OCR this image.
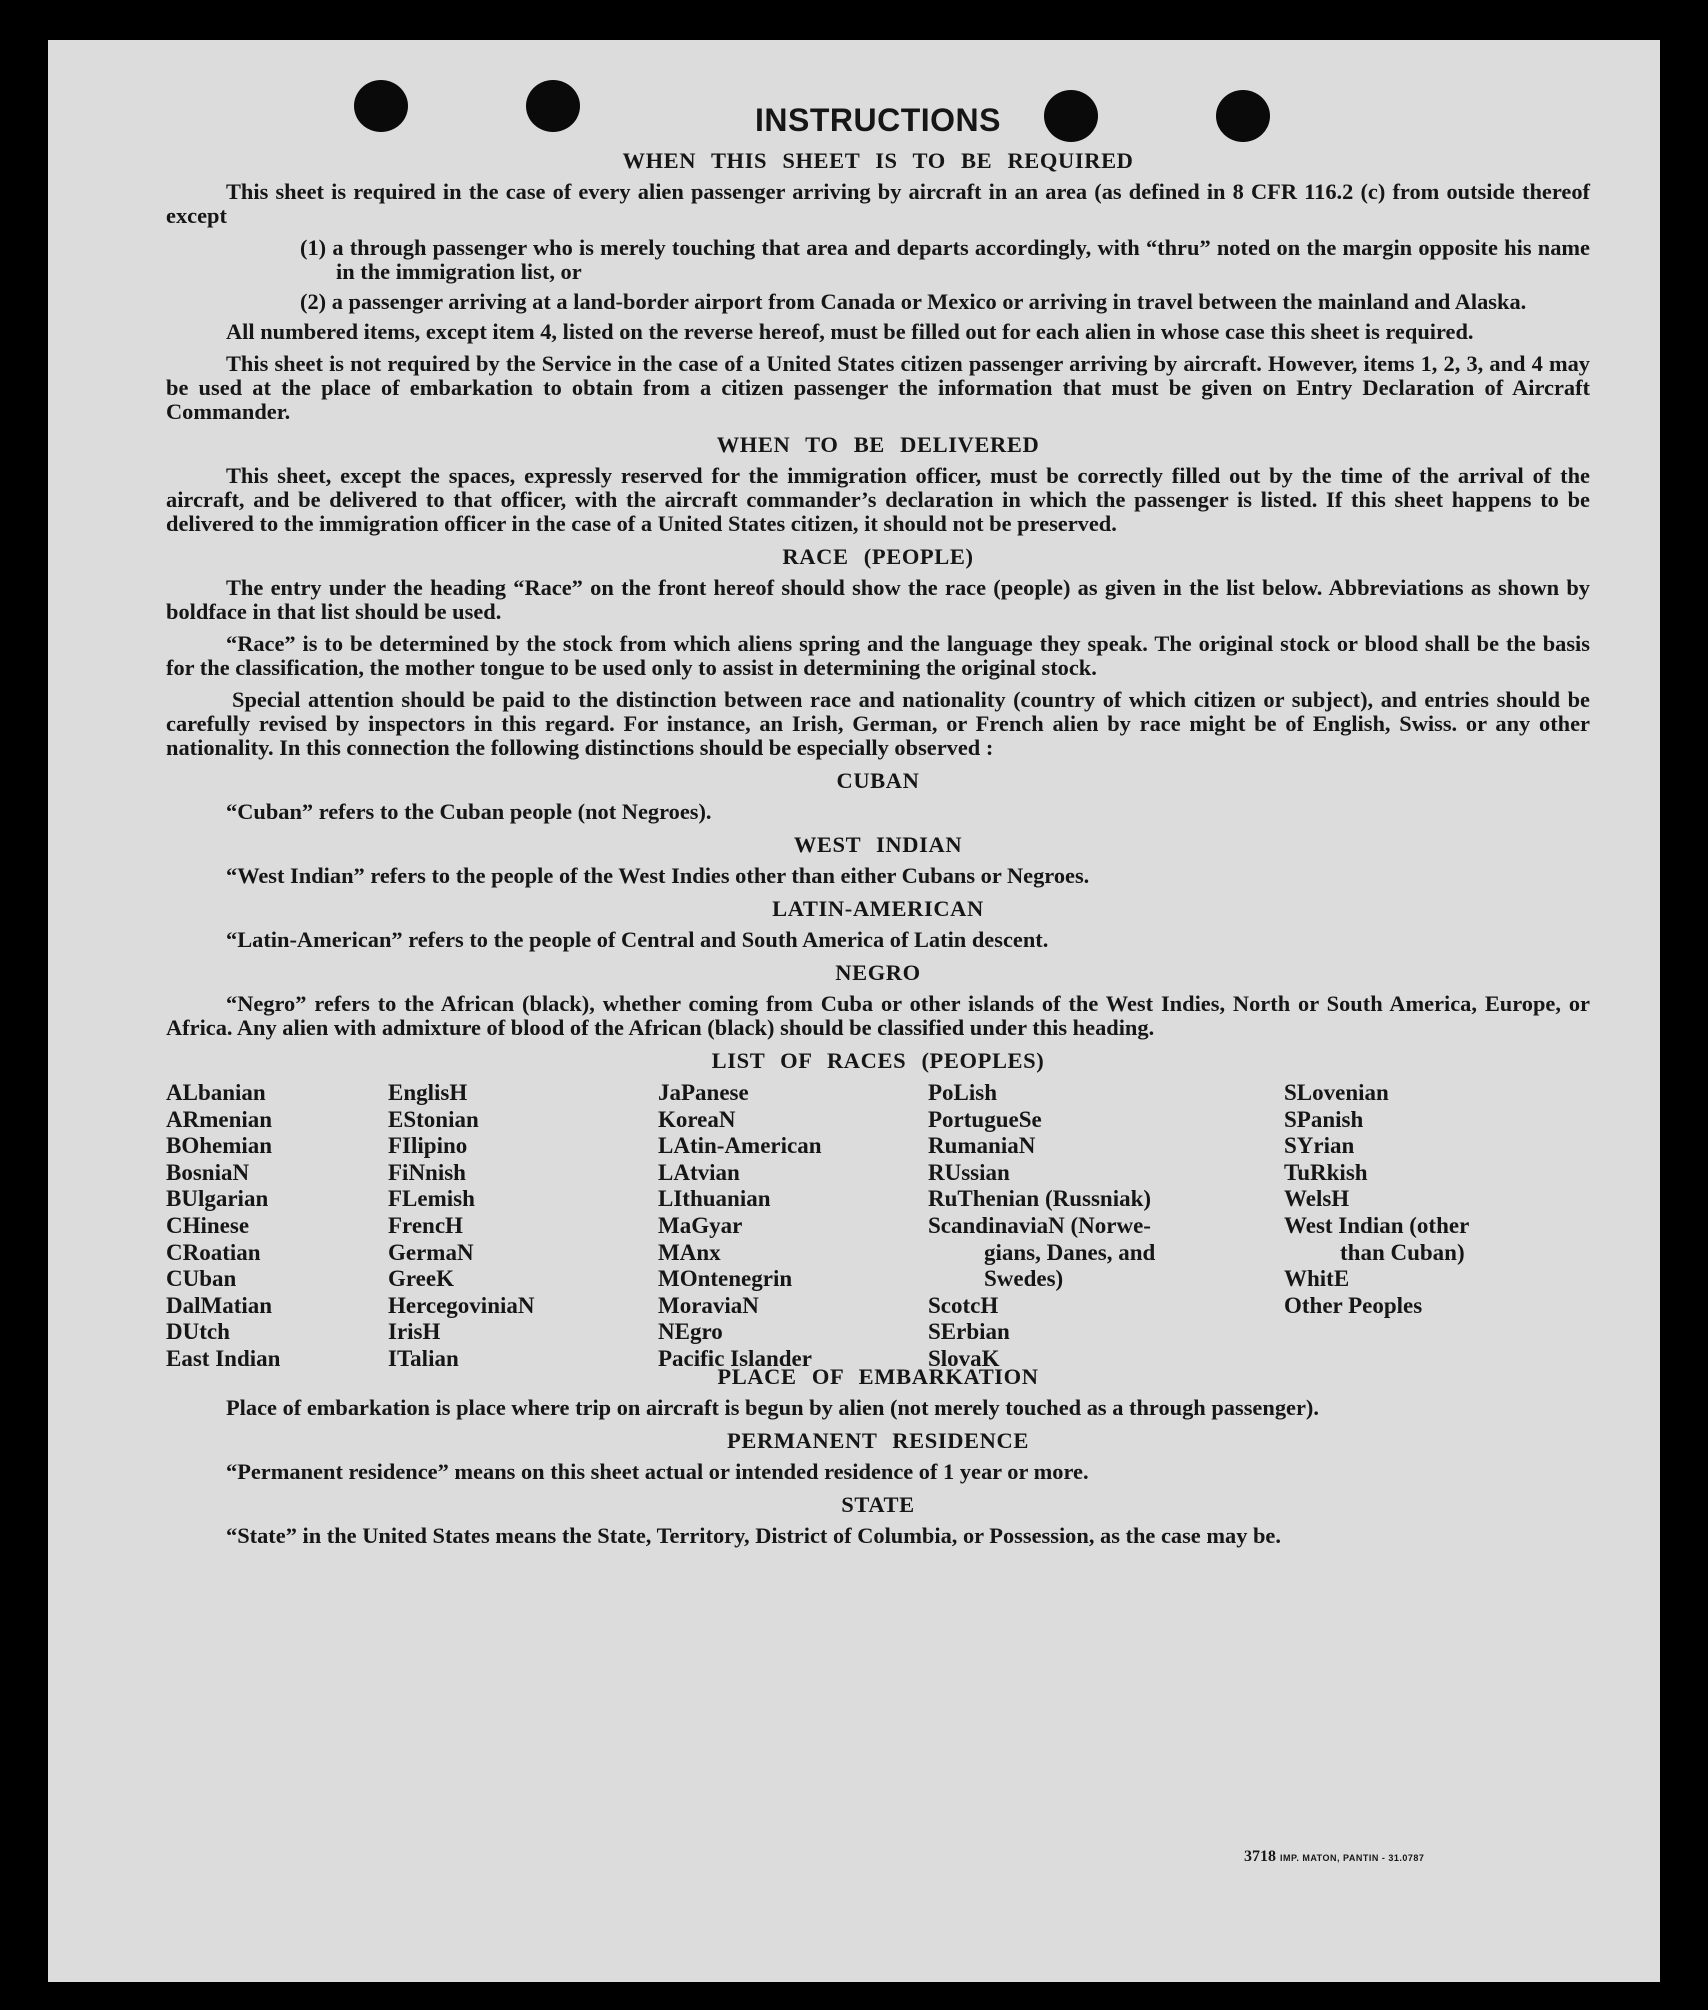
INSTRUCTIONS
WHEN THIS SHEET IS TO BE REQUIRED

This sheet is required in the case of every alien passenger arriving by aircraft in an area (as defined in 8 CFR 116.2 (c) from outside thereof except

(1) a through passenger who is merely touching that area and departs accordingly, with “thru” noted on the margin opposite his name in the immigration list, or

(2) a passenger arriving at a land-border airport from Canada or Mexico or arriving in travel between the mainland and Alaska.

All numbered items, except item 4, listed on the reverse hereof, must be filled out for each alien in whose case this sheet is required.

This sheet is not required by the Service in the case of a United States citizen passenger arriving by aircraft. However, items 1, 2, 3, and 4 may be used at the place of embarkation to obtain from a citizen passenger the information that must be given on Entry Declaration of Aircraft Commander.

WHEN TO BE DELIVERED

This sheet, except the spaces, expressly reserved for the immigration officer, must be correctly filled out by the time of the arrival of the aircraft, and be delivered to that officer, with the aircraft commander’s declaration in which the passenger is listed. If this sheet happens to be delivered to the immigration officer in the case of a United States citizen, it should not be preserved.

RACE (PEOPLE)

The entry under the heading “Race” on the front hereof should show the race (people) as given in the list below. Abbreviations as shown by boldface in that list should be used.

“Race” is to be determined by the stock from which aliens spring and the language they speak. The original stock or blood shall be the basis for the classification, the mother tongue to be used only to assist in determining the original stock.

Special attention should be paid to the distinction between race and nationality (country of which citizen or subject), and entries should be carefully revised by inspectors in this regard. For instance, an Irish, German, or French alien by race might be of English, Swiss. or any other nationality. In this connection the following distinctions should be especially observed :

CUBAN

“Cuban” refers to the Cuban people (not Negroes).

WEST INDIAN

“West Indian” refers to the people of the West Indies other than either Cubans or Negroes.

LATIN-AMERICAN

“Latin-American” refers to the people of Central and South America of Latin descent.

NEGRO

“Negro” refers to the African (black), whether coming from Cuba or other islands of the West Indies, North or South America, Europe, or Africa. Any alien with admixture of blood of the African (black) should be classified under this heading.

LIST OF RACES (PEOPLES)
ALbanian
ARmenian
BOhemian
BosniaN
BUlgarian
CHinese
CRoatian
CUban
DalMatian
DUtch
East Indian
EnglisH
EStonian
FIlipino
FiNnish
FLemish
FrencH
GermaN
GreeK
HercegoviniaN
IrisH
ITalian
JaPanese
KoreaN
LAtin-American
LAtvian
LIthuanian
MaGyar
MAnx
MOntenegrin
MoraviaN
NEgro
Pacific Islander
PoLish
PortugueSe
RumaniaN
RUssian
RuThenian (Russniak)
ScandinaviaN (Norwe-
gians, Danes, and
Swedes)
ScotcH
SErbian
SlovaK
SLovenian
SPanish
SYrian
TuRkish
WelsH
West Indian (other
than Cuban)
WhitE
Other Peoples
PLACE OF EMBARKATION

Place of embarkation is place where trip on aircraft is begun by alien (not merely touched as a through passenger).

PERMANENT RESIDENCE

“Permanent residence” means on this sheet actual or intended residence of 1 year or more.

STATE

“State” in the United States means the State, Territory, District of Columbia, or Possession, as the case may be.

3718 IMP. MATON, PANTIN - 31.0787
